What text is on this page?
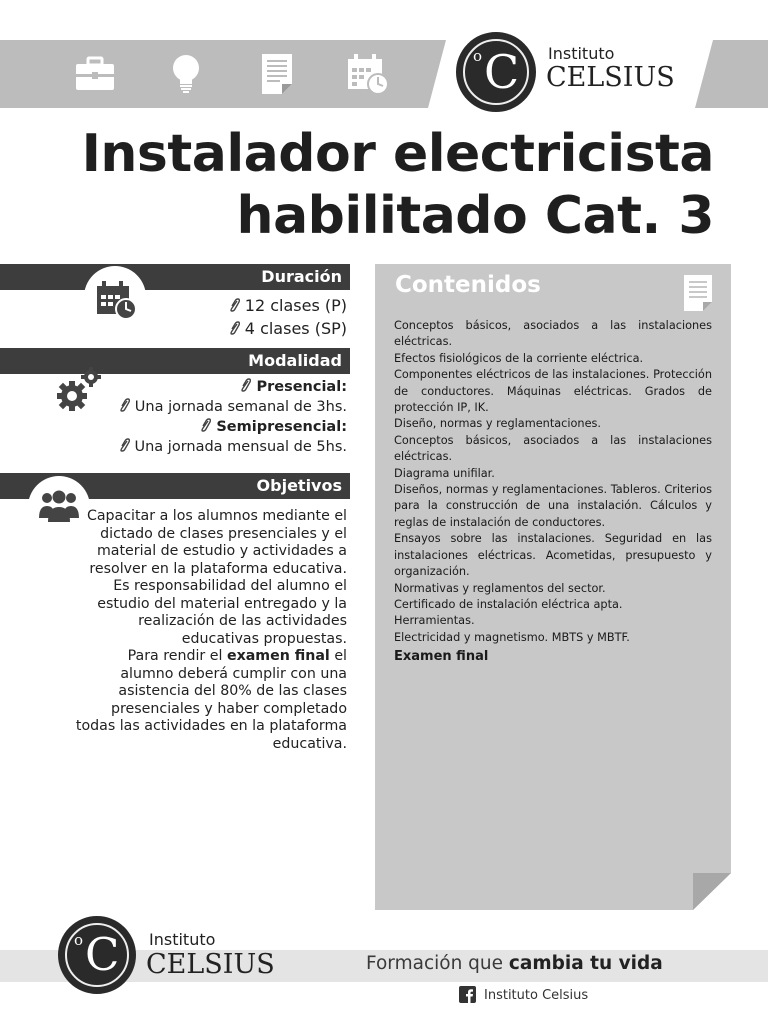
o C Instituto
CELSIUS
Instalador electricista
habilitado Cat. 3
Duración
12 clases (P)
4 clases (SP)
Modalidad
Presencial:
Una jornada semanal de 3hs.
Semipresencial:
Una jornada mensual de 5hs.
Objetivos
Capacitar a los alumnos mediante el dictado de clases presenciales y el material de estudio y actividades a resolver en la plataforma educativa. Es responsabilidad del alumno el estudio del material entregado y la realización de las actividades educativas propuestas.
Para rendir el examen final el alumno deberá cumplir con una asistencia del 80% de las clases presenciales y haber completado todas las actividades en la plataforma educativa.
Contenidos
Conceptos básicos, asociados a las instalaciones eléctricas.
Efectos fisiológicos de la corriente eléctrica.
Componentes eléctricos de las instalaciones. Protección de conductores. Máquinas eléctricas. Grados de protección IP, IK.
Diseño, normas y reglamentaciones.
Conceptos básicos, asociados a las instalaciones eléctricas.
Diagrama unifilar.
Diseños, normas y reglamentaciones. Tableros. Criterios para la construcción de una instalación. Cálculos y reglas de instalación de conductores.
Ensayos sobre las instalaciones. Seguridad en las instalaciones eléctricas. Acometidas, presupuesto y organización.
Normativas y reglamentos del sector.
Certificado de instalación eléctrica apta.
Herramientas.
Electricidad y magnetismo. MBTS y MBTF.
Examen final
o C Instituto
CELSIUS	Formación que cambia tu vida
Instituto Celsius
